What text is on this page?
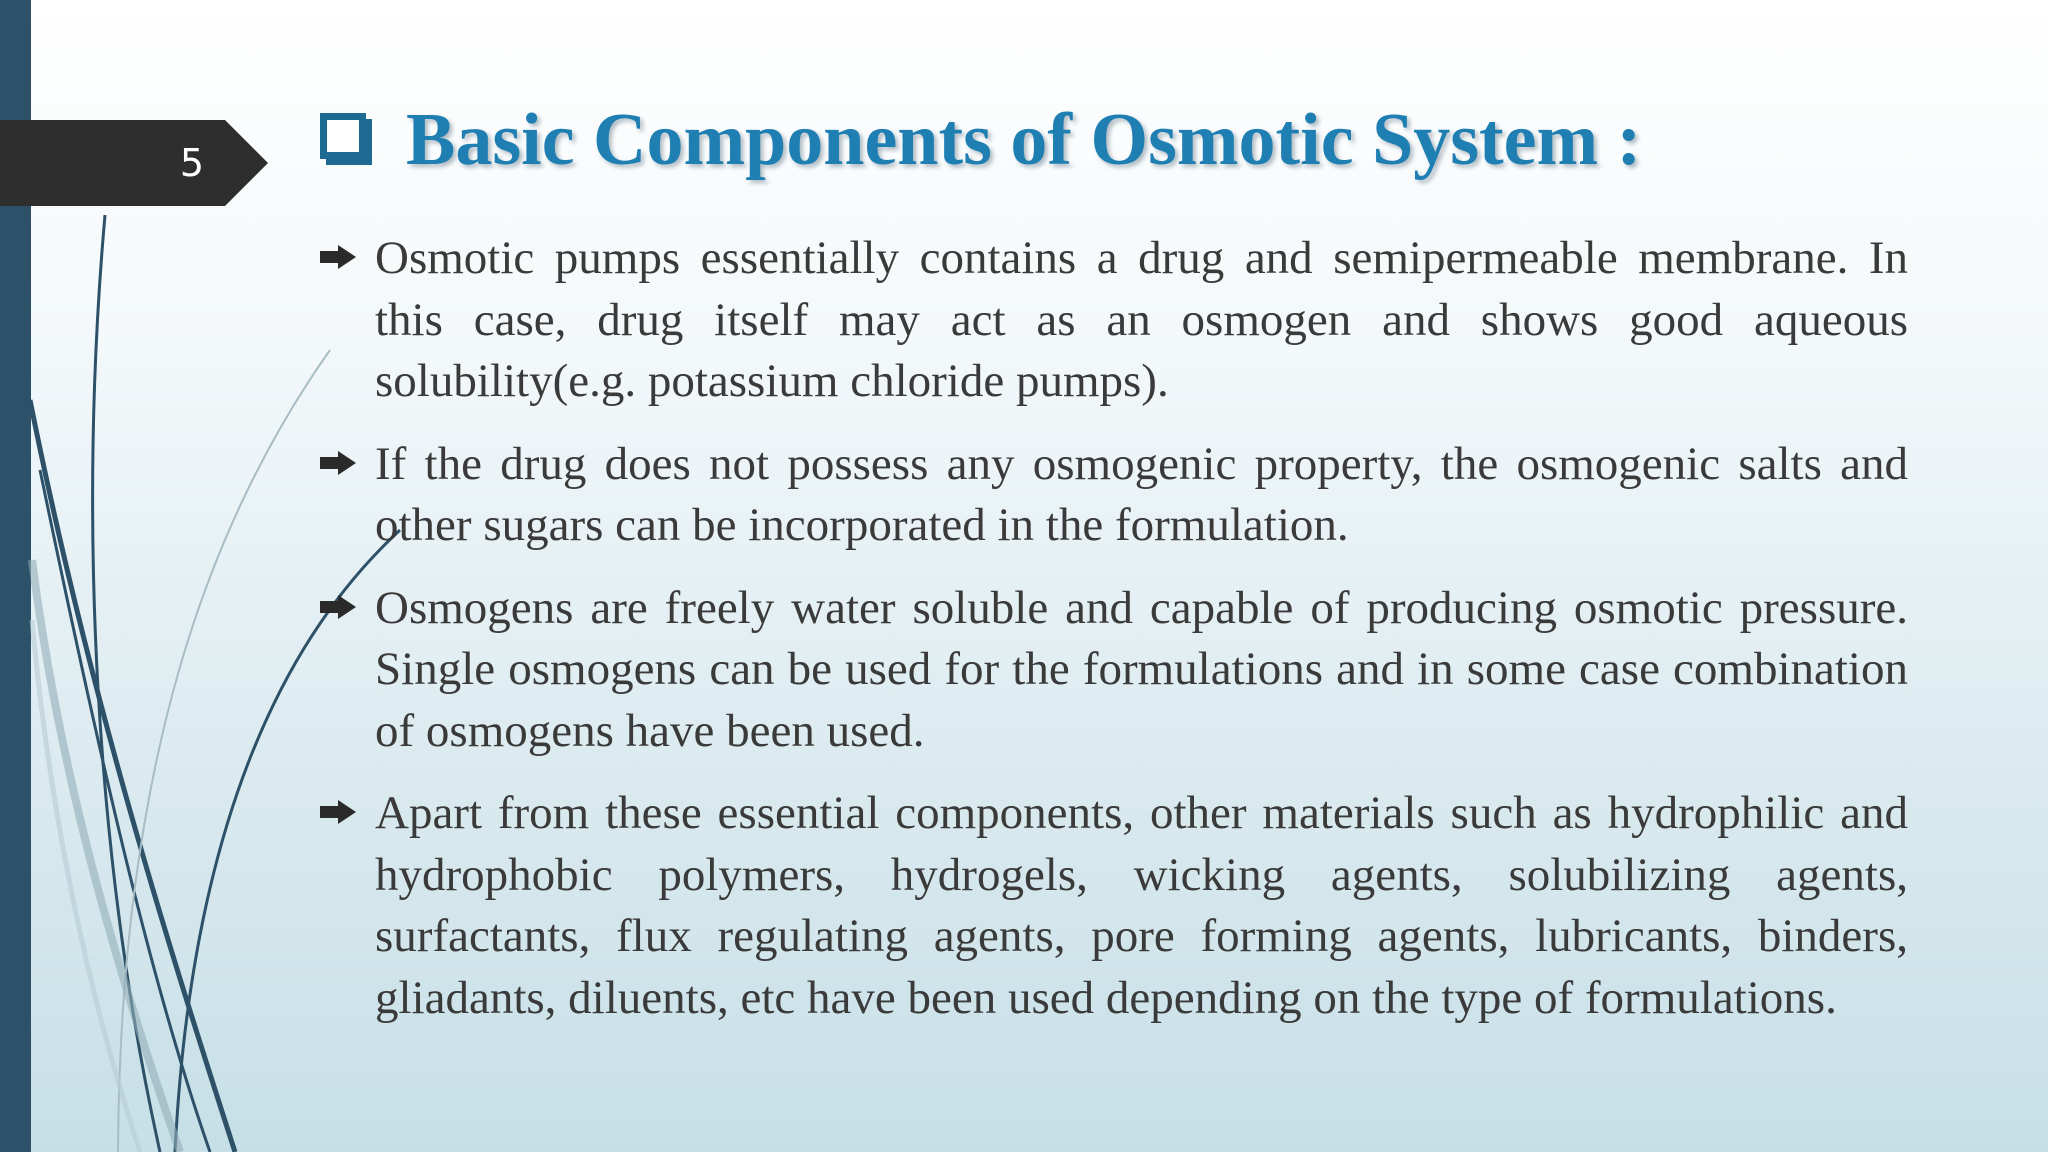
5	Basic Components of Osmotic System :
Osmotic pumps essentially contains a drug and semipermeable membrane. In this case, drug itself may act as an osmogen and shows good aqueous solubility(e.g. potassium chloride pumps).
If the drug does not possess any osmogenic property, the osmogenic salts and other sugars can be incorporated in the formulation.
Osmogens are freely water soluble and capable of producing osmotic pressure. Single osmogens can be used for the formulations and in some case combination of osmogens have been used.
Apart from these essential components, other materials such as hydrophilic and hydrophobic polymers, hydrogels, wicking agents, solubilizing agents, surfactants, flux regulating agents, pore forming agents, lubricants, binders, gliadants, diluents, etc have been used depending on the type of formulations.
